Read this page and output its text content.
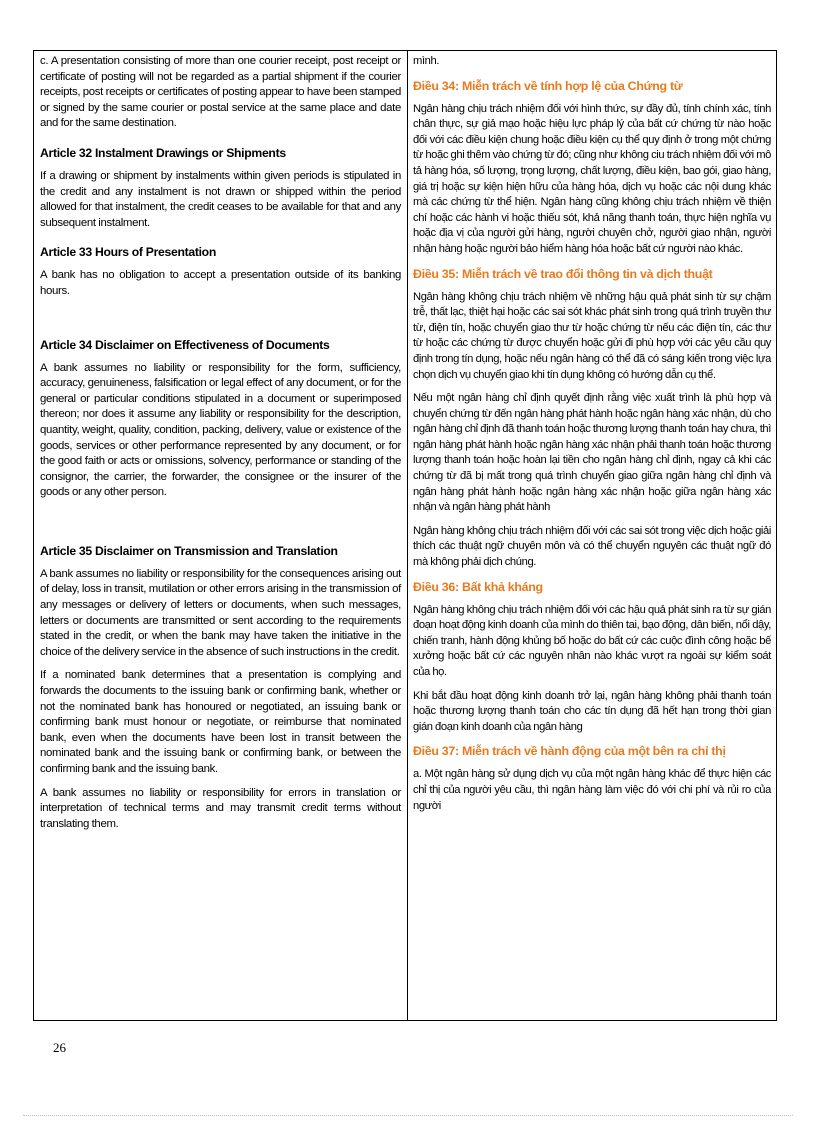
c. A presentation consisting of more than one courier receipt, post receipt or certificate of posting will not be regarded as a partial shipment if the courier receipts, post receipts or certificates of posting appear to have been stamped or signed by the same courier or postal service at the same place and date and for the same destination.

Article 32 Instalment Drawings or Shipments

If a drawing or shipment by instalments within given periods is stipulated in the credit and any instalment is not drawn or shipped within the period allowed for that instalment, the credit ceases to be available for that and any subsequent instalment.

Article 33 Hours of Presentation

A bank has no obligation to accept a presentation outside of its banking hours.

Article 34 Disclaimer on Effectiveness of Documents

A bank assumes no liability or responsibility for the form, sufficiency, accuracy, genuineness, falsification or legal effect of any document, or for the general or particular conditions stipulated in a document or superimposed thereon; nor does it assume any liability or responsibility for the description, quantity, weight, quality, condition, packing, delivery, value or existence of the goods, services or other performance represented by any document, or for the good faith or acts or omissions, solvency, performance or standing of the consignor, the carrier, the forwarder, the consignee or the insurer of the goods or any other person.

Article 35 Disclaimer on Transmission and Translation

A bank assumes no liability or responsibility for the consequences arising out of delay, loss in transit, mutilation or other errors arising in the transmission of any messages or delivery of letters or documents, when such messages, letters or documents are transmitted or sent according to the requirements stated in the credit, or when the bank may have taken the initiative in the choice of the delivery service in the absence of such instructions in the credit.

If a nominated bank determines that a presentation is complying and forwards the documents to the issuing bank or confirming bank, whether or not the nominated bank has honoured or negotiated, an issuing bank or confirming bank must honour or negotiate, or reimburse that nominated bank, even when the documents have been lost in transit between the nominated bank and the issuing bank or confirming bank, or between the confirming bank and the issuing bank.

A bank assumes no liability or responsibility for errors in translation or interpretation of technical terms and may transmit credit terms without translating them.

mình.

Điều 34: Miễn trách về tính hợp lệ của Chứng từ

Ngân hàng chịu trách nhiệm đối với hình thức, sự đầy đủ, tính chính xác, tính chân thực, sự giả mạo hoặc hiệu lực pháp lý của bất cứ chứng từ nào hoặc đối với các điều kiện chung hoặc điều kiện cụ thể quy định ở trong một chứng từ hoặc ghi thêm vào chứng từ đó; cũng như không ciu trách nhiệm đối với mô tả hàng hóa, số lượng, trọng lượng, chất lượng, điều kiện, bao gói, giao hàng, giá trị hoặc sự kiện hiện hữu của hàng hóa, dịch vụ hoặc các nội dung khác mà các chứng từ thể hiện. Ngân hàng cũng không chịu trách nhiệm về thiện chí hoặc các hành vi hoặc thiếu sót, khả năng thanh toán, thực hiện nghĩa vụ hoặc địa vị của người gửi hàng, người chuyên chở, người giao nhận, người nhận hàng hoặc người bảo hiểm hàng hóa hoặc bất cứ người nào khác.

Điều 35: Miễn trách về trao đổi thông tin và dịch thuật

Ngân hàng không chịu trách nhiệm về những hậu quả phát sinh từ sự chậm trễ, thất lạc, thiệt hại hoặc các sai sót khác phát sinh trong quá trình truyền thư từ, điện tín, hoặc chuyển giao thư từ hoặc chứng từ nếu các điện tín, các thư từ hoặc các chứng từ được chuyển hoặc gửi đi phù hợp với các yêu cầu quy định trong tín dụng, hoặc nếu ngân hàng có thể đã có sáng kiến trong việc lựa chọn dịch vụ chuyển giao khi tín dụng không có hướng dẫn cụ thể.

Nếu một ngân hàng chỉ định quyết định rằng việc xuất trình là phù hợp và chuyển chứng từ đến ngân hàng phát hành hoặc ngân hàng xác nhận, dù cho ngân hàng chỉ định đã thanh toán hoặc thương lượng thanh toán hay chưa, thì ngân hàng phát hành hoặc ngân hàng xác nhận phải thanh toán hoặc thương lượng thanh toán hoặc hoàn lại tiền cho ngân hàng chỉ định, ngay cả khi các chứng từ đã bị mất trong quá trình chuyển giao giữa ngân hàng chỉ định và ngân hàng phát hành hoặc ngân hàng xác nhận hoặc giữa ngân hàng xác nhận và ngân hàng phát hành

Ngân hàng không chịu trách nhiệm đối với các sai sót trong việc dịch hoặc giải thích các thuật ngữ chuyên môn và có thể chuyển nguyên các thuật ngữ đó mà không phải dịch chúng.

Điều 36: Bất khả kháng

Ngân hàng không chịu trách nhiệm đối với các hậu quả phát sinh ra từ sự gián đoạn hoạt động kinh doanh của mình do thiên tai, bạo động, dân biến, nổi dậy, chiến tranh, hành động khủng bố hoặc do bất cứ các cuộc đình công hoặc bế xưởng hoặc bất cứ các nguyên nhân nào khác vượt ra ngoài sự kiểm soát của họ.

Khi bắt đầu hoạt động kinh doanh trở lại, ngân hàng không phải thanh toán hoặc thương lượng thanh toán cho các tín dụng đã hết hạn trong thời gian gián đoạn kinh doanh của ngân hàng

Điều 37: Miễn trách về hành động của một bên ra chỉ thị

a. Một ngân hàng sử dụng dịch vụ của một ngân hàng khác để thực hiện các chỉ thị của người yêu cầu, thì ngân hàng làm việc đó với chi phí và rủi ro của người

26
